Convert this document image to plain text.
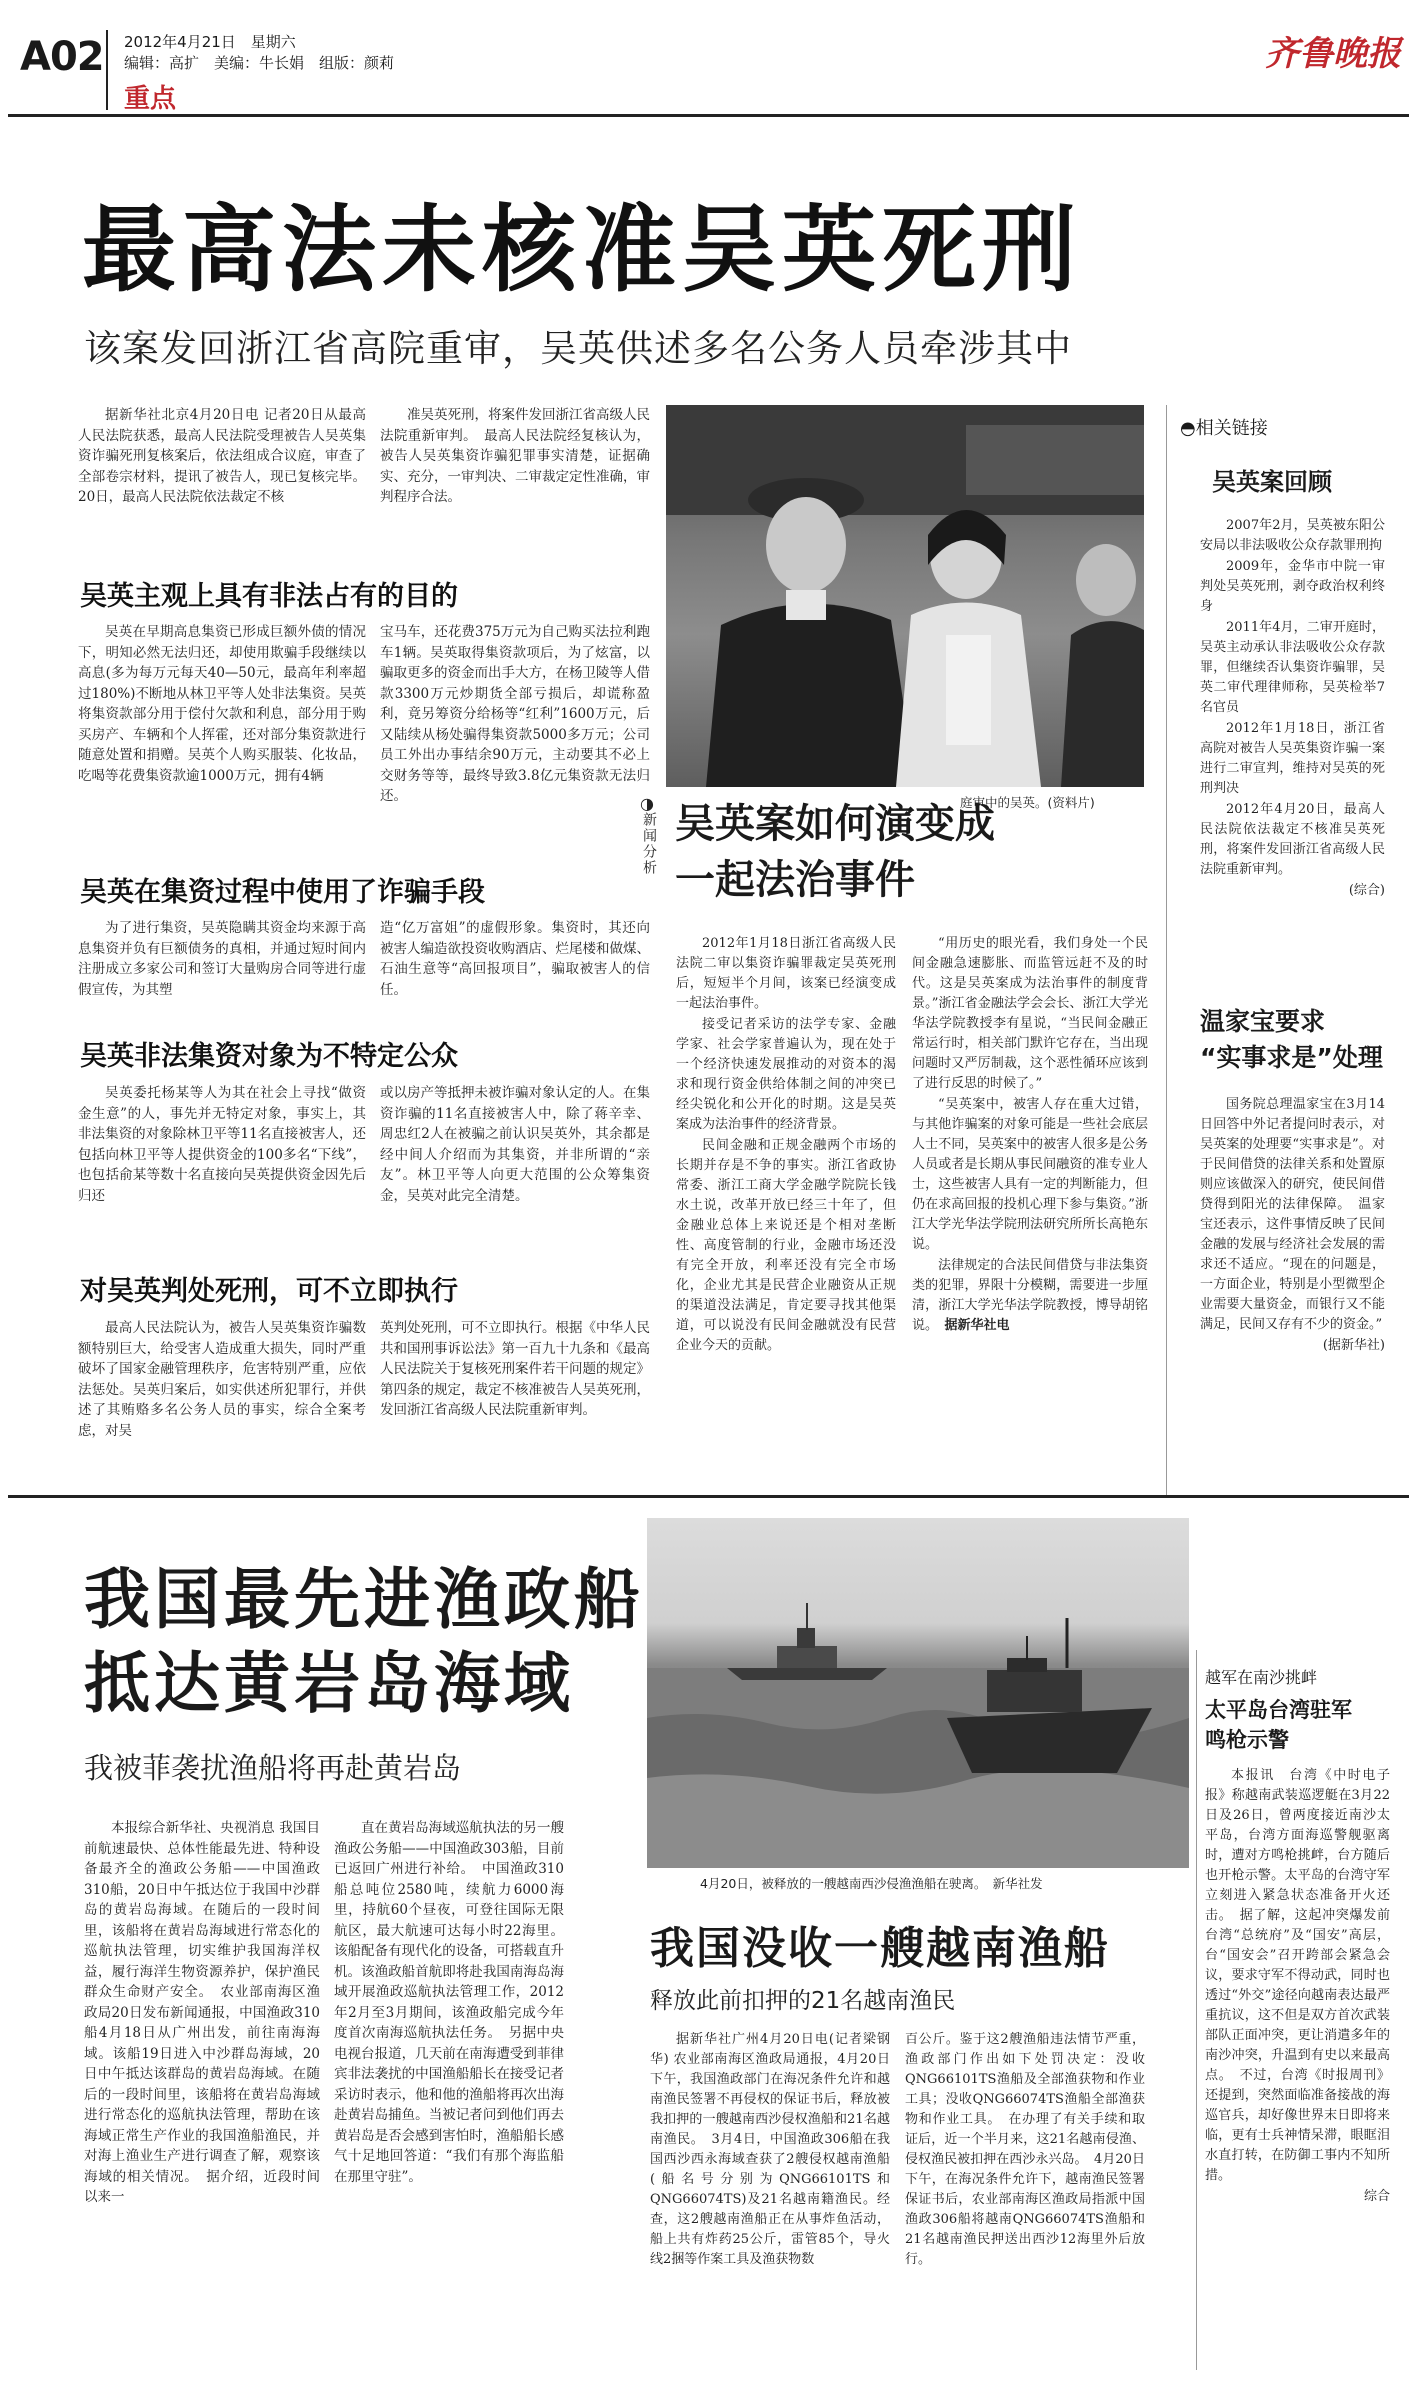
A02 2012年4月21日　星期六
编辑：高扩　美编：牛长娟　组版：颜莉
重点
齐鲁晚报
最高法未核准吴英死刑
该案发回浙江省高院重审，吴英供述多名公务人员牵涉其中
据新华社北京4月20日电 记者20日从最高人民法院获悉，最高人民法院受理被告人吴英集资诈骗死刑复核案后，依法组成合议庭，审查了全部卷宗材料，提讯了被告人，现已复核完毕。20日，最高人民法院依法裁定不核
准吴英死刑，将案件发回浙江省高级人民法院重新审判。　最高人民法院经复核认为，被告人吴英集资诈骗犯罪事实清楚，证据确实、充分，一审判决、二审裁定定性准确，审判程序合法。
吴英主观上具有非法占有的目的
吴英在早期高息集资已形成巨额外债的情况下，明知必然无法归还，却使用欺骗手段继续以高息(多为每万元每天40—50元，最高年利率超过180%)不断地从林卫平等人处非法集资。吴英将集资款部分用于偿付欠款和利息，部分用于购买房产、车辆和个人挥霍，还对部分集资款进行随意处置和捐赠。吴英个人购买服装、化妆品，吃喝等花费集资款逾1000万元，拥有4辆
宝马车，还花费375万元为自己购买法拉利跑车1辆。吴英取得集资款项后，为了炫富，以骗取更多的资金而出手大方，在杨卫陵等人借款3300万元炒期货全部亏损后，却谎称盈利，竟另筹资分给杨等“红利”1600万元，后又陆续从杨处骗得集资款5000多万元；公司员工外出办事结余90万元，主动要其不必上交财务等等，最终导致3.8亿元集资款无法归还。
吴英在集资过程中使用了诈骗手段
为了进行集资，吴英隐瞒其资金均来源于高息集资并负有巨额债务的真相，并通过短时间内注册成立多家公司和签订大量购房合同等进行虚假宣传，为其塑
造“亿万富姐”的虚假形象。集资时，其还向被害人编造欲投资收购酒店、烂尾楼和做煤、石油生意等“高回报项目”，骗取被害人的信任。
吴英非法集资对象为不特定公众
吴英委托杨某等人为其在社会上寻找“做资金生意”的人，事先并无特定对象，事实上，其非法集资的对象除林卫平等11名直接被害人，还包括向林卫平等人提供资金的100多名“下线”，也包括俞某等数十名直接向吴英提供资金因先后归还
或以房产等抵押未被诈骗对象认定的人。在集资诈骗的11名直接被害人中，除了蒋辛幸、周忠红2人在被骗之前认识吴英外，其余都是经中间人介绍而为其集资，并非所谓的“亲友”。林卫平等人向更大范围的公众筹集资金，吴英对此完全清楚。
对吴英判处死刑，可不立即执行
最高人民法院认为，被告人吴英集资诈骗数额特别巨大，给受害人造成重大损失，同时严重破坏了国家金融管理秩序，危害特别严重，应依法惩处。吴英归案后，如实供述所犯罪行，并供述了其贿赂多名公务人员的事实，综合全案考虑，对吴
英判处死刑，可不立即执行。根据《中华人民共和国刑事诉讼法》第一百九十九条和《最高人民法院关于复核死刑案件若干问题的规定》第四条的规定，裁定不核准被告人吴英死刑，发回浙江省高级人民法院重新审判。
庭审中的吴英。(资料片)
◑
新闻分析 吴英案如何演变成
一起法治事件

2012年1月18日浙江省高级人民法院二审以集资诈骗罪裁定吴英死刑后，短短半个月间，该案已经演变成一起法治事件。

接受记者采访的法学专家、金融学家、社会学家普遍认为，现在处于一个经济快速发展推动的对资本的渴求和现行资金供给体制之间的冲突已经尖锐化和公开化的时期。这是吴英案成为法治事件的经济背景。

民间金融和正规金融两个市场的长期并存是不争的事实。浙江省政协常委、浙江工商大学金融学院院长钱水土说，改革开放已经三十年了，但金融业总体上来说还是个相对垄断性、高度管制的行业，金融市场还没有完全开放，利率还没有完全市场化，企业尤其是民营企业融资从正规的渠道没法满足，肯定要寻找其他渠道，可以说没有民间金融就没有民营企业今天的贡献。

“用历史的眼光看，我们身处一个民间金融急速膨胀、而监管远赶不及的时代。这是吴英案成为法治事件的制度背景。”浙江省金融法学会会长、浙江大学光华法学院教授李有星说，“当民间金融正常运行时，相关部门默许它存在，当出现问题时又严厉制裁，这个恶性循环应该到了进行反思的时候了。”

“吴英案中，被害人存在重大过错，与其他诈骗案的对象可能是一些社会底层人士不同，吴英案中的被害人很多是公务人员或者是长期从事民间融资的准专业人士，这些被害人具有一定的判断能力，但仍在求高回报的投机心理下参与集资。”浙江大学光华法学院刑法研究所所长高艳东说。

法律规定的合法民间借贷与非法集资类的犯罪，界限十分模糊，需要进一步厘清，浙江大学光华法学院教授，博导胡铭说。　 据新华社电

◓相关链接
吴英案回顾

2007年2月，吴英被东阳公安局以非法吸收公众存款罪刑拘

2009年，金华市中院一审判处吴英死刑，剥夺政治权利终身

2011年4月，二审开庭时，吴英主动承认非法吸收公众存款罪，但继续否认集资诈骗罪，吴英二审代理律师称，吴英检举7名官员

2012年1月18日，浙江省高院对被告人吴英集资诈骗一案进行二审宣判，维持对吴英的死刑判决

2012年4月20日，最高人民法院依法裁定不核准吴英死刑，将案件发回浙江省高级人民法院重新审判。

(综合)
温家宝要求
“实事求是”处理

国务院总理温家宝在3月14日回答中外记者提问时表示，对吴英案的处理要“实事求是”。对于民间借贷的法律关系和处置原则应该做深入的研究，使民间借贷得到阳光的法律保障。　温家宝还表示，这件事情反映了民间金融的发展与经济社会发展的需求还不适应。“现在的问题是，一方面企业，特别是小型微型企业需要大量资金，而银行又不能满足，民间又存有不少的资金。”

(据新华社)
我国最先进渔政船
抵达黄岩岛海域
我被菲袭扰渔船将再赴黄岩岛
本报综合新华社、央视消息 我国目前航速最快、总体性能最先进、特种设备最齐全的渔政公务船——中国渔政310船，20日中午抵达位于我国中沙群岛的黄岩岛海域。在随后的一段时间里，该船将在黄岩岛海域进行常态化的巡航执法管理，切实维护我国海洋权益，履行海洋生物资源养护，保护渔民群众生命财产安全。　农业部南海区渔政局20日发布新闻通报，中国渔政310船4月18日从广州出发，前往南海海域。该船19日进入中沙群岛海域，20日中午抵达该群岛的黄岩岛海域。在随后的一段时间里，该船将在黄岩岛海域进行常态化的巡航执法管理，帮助在该海域正常生产作业的我国渔船渔民，并对海上渔业生产进行调查了解，观察该海域的相关情况。　据介绍，近段时间以来一
直在黄岩岛海域巡航执法的另一艘渔政公务船——中国渔政303船，目前已返回广州进行补给。　中国渔政310船总吨位2580吨，续航力6000海里，持航60个昼夜，可登往国际无限航区，最大航速可达每小时22海里。该船配备有现代化的设备，可搭载直升机。该渔政船首航即将赴我国南海岛海域开展渔政巡航执法管理工作，2012年2月至3月期间，该渔政船完成今年度首次南海巡航执法任务。　另据中央电视台报道，几天前在南海遭受到菲律宾非法袭扰的中国渔船船长在接受记者采访时表示，他和他的渔船将再次出海赴黄岩岛捕鱼。当被记者问到他们再去黄岩岛是否会感到害怕时，渔船船长感气十足地回答道：“我们有那个海监船在那里守驻”。
4月20日，被释放的一艘越南西沙侵渔渔船在驶离。　新华社发
我国没收一艘越南渔船
释放此前扣押的21名越南渔民
据新华社广州4月20日电(记者梁钢华) 农业部南海区渔政局通报，4月20日下午，我国渔政部门在海况条件允许和越南渔民签署不再侵权的保证书后，释放被我扣押的一艘越南西沙侵权渔船和21名越南渔民。　3月4日，中国渔政306船在我国西沙西永海域查获了2艘侵权越南渔船(船名号分别为QNG66101TS和QNG66074TS)及21名越南籍渔民。经查，这2艘越南渔船正在从事炸鱼活动，船上共有炸药25公斤，雷管85个，导火线2捆等作案工具及渔获物数
百公斤。鉴于这2艘渔船违法情节严重，渔政部门作出如下处罚决定：没收QNG66101TS渔船及全部渔获物和作业工具；没收QNG66074TS渔船全部渔获物和作业工具。　在办理了有关手续和取证后，近一个半月来，这21名越南侵渔、侵权渔民被扣押在西沙永兴岛。　4月20日下午，在海况条件允许下，越南渔民签署保证书后，农业部南海区渔政局指派中国渔政306船将越南QNG66074TS渔船和21名越南渔民押送出西沙12海里外后放行。
越军在南沙挑衅
太平岛台湾驻军
鸣枪示警

本报讯　台湾《中时电子报》称越南武装巡逻艇在3月22日及26日，曾两度接近南沙太平岛，台湾方面海巡警舰驱离时，遭对方鸣枪挑衅，台方随后也开枪示警。太平岛的台湾守军立刻进入紧急状态准备开火还击。　据了解，这起冲突爆发前台湾“总统府”及“国安”高层，台“国安会”召开跨部会紧急会议，要求守军不得动武，同时也透过“外交”途径向越南表达最严重抗议，这不但是双方首次武装部队正面冲突，更让消遣多年的南沙冲突，升温到有史以来最高点。　不过，台湾《时报周刊》还提到，突然面临准备接战的海巡官兵，却好像世界末日即将来临，更有士兵神情呆滞，眼眶泪水直打转，在防御工事内不知所措。

综合
